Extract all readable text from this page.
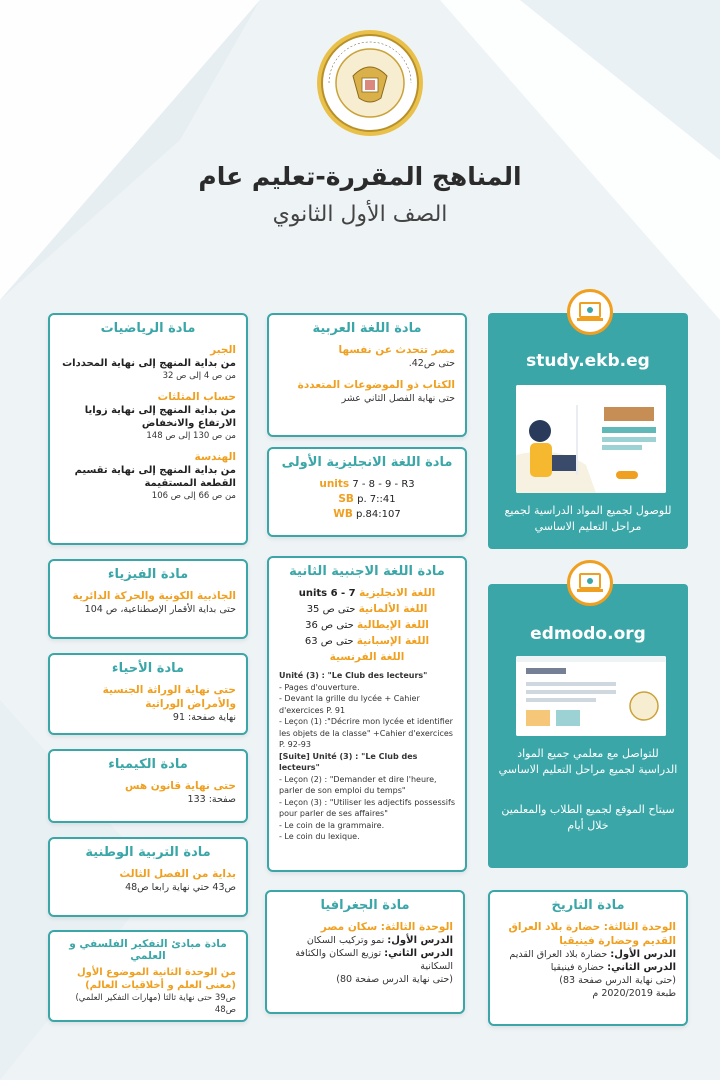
المناهج المقررة-تعليم عام
الصف الأول الثانوي
study.ekb.eg
للوصول لجميع المواد الدراسية لجميع مراحل التعليم الاساسي
edmodo.org
للتواصل مع معلمي جميع المواد الدراسية لجميع مراحل التعليم الاساسي
سيتاح الموقع لجميع الطلاب والمعلمين خلال أيام
مادة الرياضيات
الجبر
من بداية المنهج إلى نهاية المحددات
من ص 4 إلى ص 32
حساب المثلثات
من بداية المنهج إلى نهاية زوايا الارتفاع والانخفاض
من ص 130 إلى ص 148
الهندسة
من بداية المنهج إلى نهاية تقسيم القطعة المستقيمة
من ص 66 إلى ص 106
مادة اللغة العربية
مصر تتحدث عن نفسها
حتى ص42.
الكتاب ذو الموضوعات المتعددة
حتى نهاية الفصل الثاني عشر
مادة اللغة الانجليزية الأولى
units 7 - 8 - 9 - R3
SB p. 7::41
WB p.84:107
مادة اللغة الاجنبية الثانية
اللغة الانجليزية units 6 - 7
اللغة الألمانية حتى ص 35
اللغة الإيطالية حتى ص 36
اللغة الإسبانية حتى ص 63
اللغة الفرنسية
Unité (3) : "Le Club des lecteurs"
- Pages d'ouverture.
- Devant la grille du lycée + Cahier d'exercices P. 91
- Leçon (1) :"Décrire mon lycée et identifier les objets de la classe" +Cahier d'exercices P. 92-93
[Suite] Unité (3) : "Le Club des lecteurs"
- Leçon (2) : "Demander et dire l'heure, parler de son emploi du temps"
- Leçon (3) : "Utiliser les adjectifs possessifs pour parler de ses affaires"
- Le coin de la grammaire.
- Le coin du lexique.
مادة الفيزياء
الجاذبية الكونية والحركة الدائرية
حتى بداية الأقمار الإصطناعية، ص 104
مادة الأحياء
حتى نهاية الوراثة الجنسية والأمراض الوراثية
نهاية صفحة: 91
مادة الكيمياء
حتى نهاية قانون هس
صفحة: 133
مادة التربية الوطنية
بداية من الفصل الثالث
ص43 حتي نهاية رابعا ص48
مادة مبادئ التفكير الفلسفي و العلمي
من الوحدة الثانية الموضوع الأول (معنى العلم و أخلاقيات العالم)
ص39 حتى نهاية ثالثا (مهارات التفكير العلمي) ص48
مادة الجغرافيا
الوحدة الثالثة: سكان مصر
الدرس الأول: نمو وتركيب السكان
الدرس الثاني: توزيع السكان والكثافة السكانية
(حتى نهاية الدرس صفحة 80)
مادة التاريخ
الوحدة الثالثة: حضارة بلاد العراق القديم وحضارة فينيقيا
الدرس الأول: حضارة بلاد العراق القديم
الدرس الثاني: حضارة فينيقيا
(حتى نهاية الدرس صفحة 83)
طبعة 2020/2019 م
